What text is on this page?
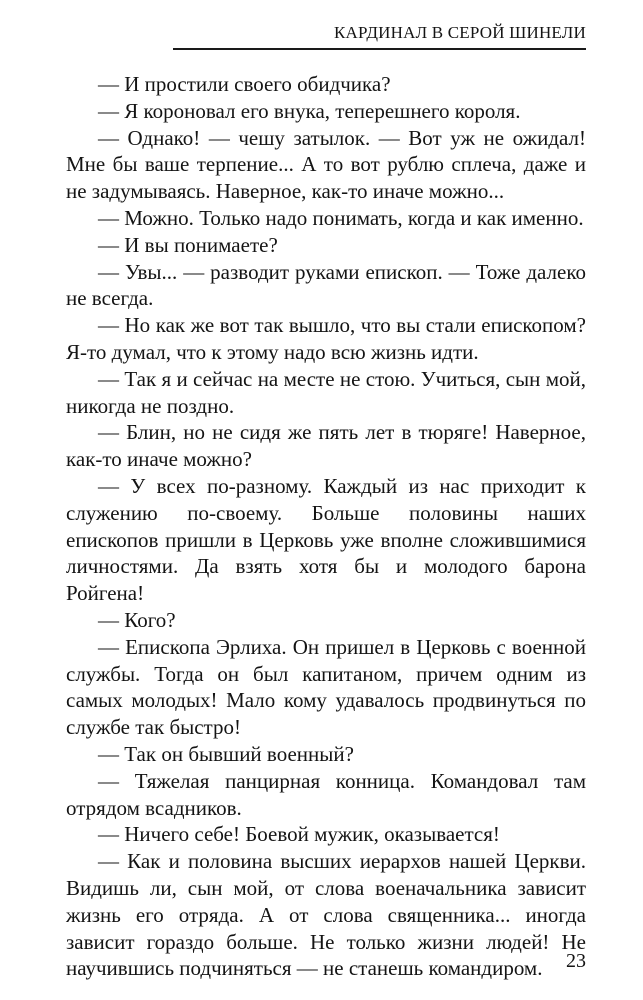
КАРДИНАЛ В СЕРОЙ ШИНЕЛИ

— И простили своего обидчика?

— Я короновал его внука, теперешнего короля.

— Однако! — чешу затылок. — Вот уж не ожидал! Мне бы ваше терпение... А то вот рублю сплеча, даже и не задумываясь. Наверное, как-то иначе можно...

— Можно. Только надо понимать, когда и как именно.

— И вы понимаете?

— Увы... — разводит руками епископ. — Тоже далеко не всегда.

— Но как же вот так вышло, что вы стали епископом? Я-то думал, что к этому надо всю жизнь идти.

— Так я и сейчас на месте не стою. Учиться, сын мой, никогда не поздно.

— Блин, но не сидя же пять лет в тюряге! Наверное, как-то иначе можно?

— У всех по-разному. Каждый из нас приходит к служению по-своему. Больше половины наших епископов пришли в Церковь уже вполне сложившимися личностями. Да взять хотя бы и молодого барона Ройгена!

— Кого?

— Епископа Эрлиха. Он пришел в Церковь с военной службы. Тогда он был капитаном, причем одним из самых молодых! Мало кому удавалось продвинуться по службе так быстро!

— Так он бывший военный?

— Тяжелая панцирная конница. Командовал там отрядом всадников.

— Ничего себе! Боевой мужик, оказывается!

— Как и половина высших иерархов нашей Церкви. Видишь ли, сын мой, от слова военачальника зависит жизнь его отряда. А от слова священника... иногда зависит гораздо больше. Не только жизни людей! Не научившись подчиняться — не станешь командиром.	23
